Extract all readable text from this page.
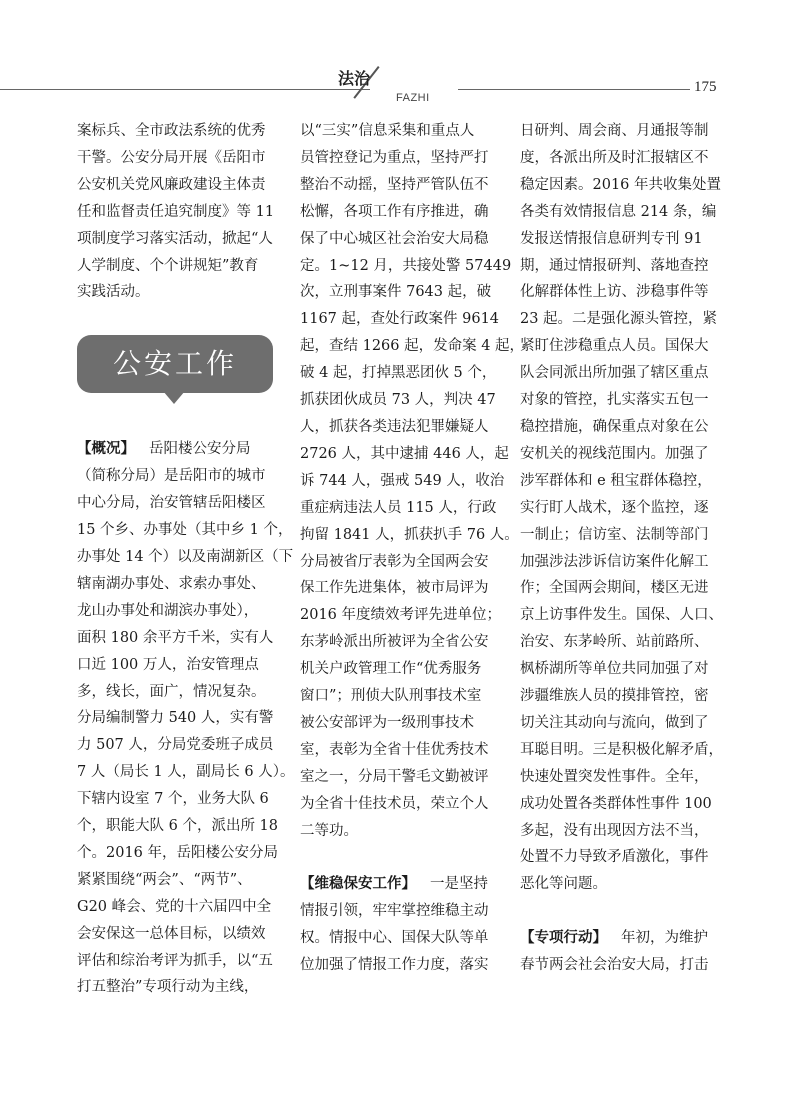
法治
FAZHI
175

案标兵、全市政法系统的优秀

干警。公安分局开展《岳阳市

公安机关党风廉政建设主体责

任和监督责任追究制度》等 11

项制度学习落实活动，掀起“人

人学制度、个个讲规矩”教育

实践活动。

【概况】 岳阳楼公安分局

（简称分局）是岳阳市的城市

中心分局，治安管辖岳阳楼区

15 个乡、办事处（其中乡 1 个，

办事处 14 个）以及南湖新区（下

辖南湖办事处、求索办事处、

龙山办事处和湖滨办事处），

面积 180 余平方千米，实有人

口近 100 万人，治安管理点

多，线长，面广，情况复杂。

分局编制警力 540 人，实有警

力 507 人，分局党委班子成员

7 人（局长 1 人，副局长 6 人）。

下辖内设室 7 个，业务大队 6

个，职能大队 6 个，派出所 18

个。2016 年，岳阳楼公安分局

紧紧围绕“两会”、“两节”、

G20 峰会、党的十六届四中全

会安保这一总体目标，以绩效

评估和综治考评为抓手，以“五

打五整治”专项行动为主线，

公安工作

以“三实”信息采集和重点人

员管控登记为重点，坚持严打

整治不动摇，坚持严管队伍不

松懈，各项工作有序推进，确

保了中心城区社会治安大局稳

定。1~12 月，共接处警 57449

次，立刑事案件 7643 起，破

1167 起，查处行政案件 9614

起，查结 1266 起，发命案 4 起，

破 4 起，打掉黑恶团伙 5 个，

抓获团伙成员 73 人，判决 47

人，抓获各类违法犯罪嫌疑人

2726 人，其中逮捕 446 人，起

诉 744 人，强戒 549 人，收治

重症病违法人员 115 人，行政

拘留 1841 人，抓获扒手 76 人。

分局被省厅表彰为全国两会安

保工作先进集体，被市局评为

2016 年度绩效考评先进单位；

东茅岭派出所被评为全省公安

机关户政管理工作“优秀服务

窗口”；刑侦大队刑事技术室

被公安部评为一级刑事技术

室，表彰为全省十佳优秀技术

室之一，分局干警毛文勤被评

为全省十佳技术员，荣立个人

二等功。

【维稳保安工作】 一是坚持

情报引领，牢牢掌控维稳主动

权。情报中心、国保大队等单

位加强了情报工作力度，落实

日研判、周会商、月通报等制

度，各派出所及时汇报辖区不

稳定因素。2016 年共收集处置

各类有效情报信息 214 条，编

发报送情报信息研判专刊 91

期，通过情报研判、落地查控

化解群体性上访、涉稳事件等

23 起。二是强化源头管控，紧

紧盯住涉稳重点人员。国保大

队会同派出所加强了辖区重点

对象的管控，扎实落实五包一

稳控措施，确保重点对象在公

安机关的视线范围内。加强了

涉军群体和 e 租宝群体稳控，

实行盯人战术，逐个监控，逐

一制止；信访室、法制等部门

加强涉法涉诉信访案件化解工

作；全国两会期间，楼区无进

京上访事件发生。国保、人口、

治安、东茅岭所、站前路所、

枫桥湖所等单位共同加强了对

涉疆维族人员的摸排管控，密

切关注其动向与流向，做到了

耳聪目明。三是积极化解矛盾，

快速处置突发性事件。全年，

成功处置各类群体性事件 100

多起，没有出现因方法不当，

处置不力导致矛盾激化，事件

恶化等问题。

【专项行动】 年初，为维护

春节两会社会治安大局，打击
